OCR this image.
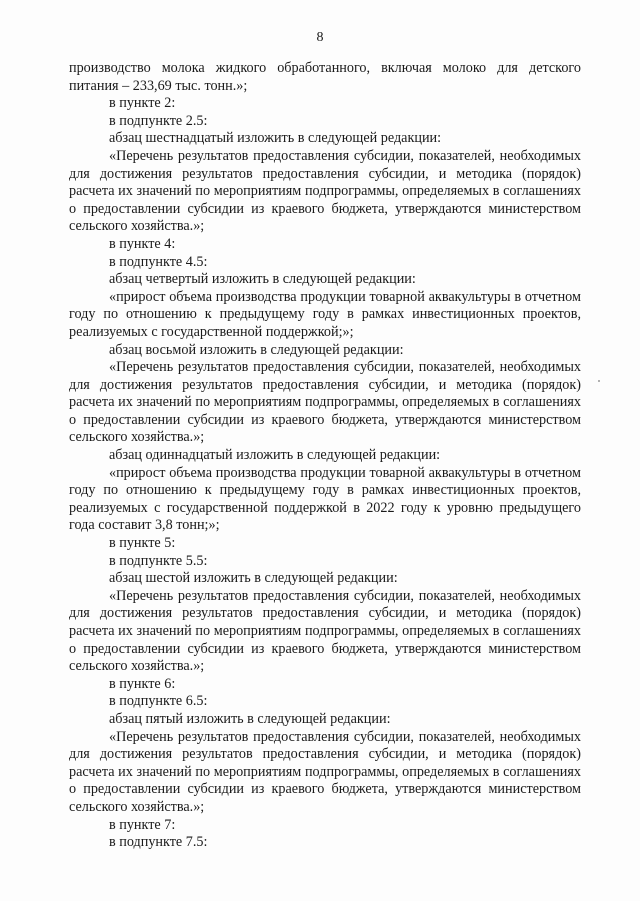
8

производство молока жидкого обработанного, включая молоко для детского питания – 233,69 тыс. тонн.»;

в пункте 2:

в подпункте 2.5:

абзац шестнадцатый изложить в следующей редакции:

«Перечень результатов предоставления субсидии, показателей, необходимых для достижения результатов предоставления субсидии, и методика (порядок) расчета их значений по мероприятиям подпрограммы, определяемых в соглашениях о предоставлении субсидии из краевого бюджета, утверждаются министерством сельского хозяйства.»;

в пункте 4:

в подпункте 4.5:

абзац четвертый изложить в следующей редакции:

«прирост объема производства продукции товарной аквакультуры в отчетном году по отношению к предыдущему году в рамках инвестиционных проектов, реализуемых с государственной поддержкой;»;

абзац восьмой изложить в следующей редакции:

«Перечень результатов предоставления субсидии, показателей, необходимых для достижения результатов предоставления субсидии, и методика (порядок) расчета их значений по мероприятиям подпрограммы, определяемых в соглашениях о предоставлении субсидии из краевого бюджета, утверждаются министерством сельского хозяйства.»;

абзац одиннадцатый изложить в следующей редакции:

«прирост объема производства продукции товарной аквакультуры в отчетном году по отношению к предыдущему году в рамках инвестиционных проектов, реализуемых с государственной поддержкой в 2022 году к уровню предыдущего года составит 3,8 тонн;»;

в пункте 5:

в подпункте 5.5:

абзац шестой изложить в следующей редакции:

«Перечень результатов предоставления субсидии, показателей, необходимых для достижения результатов предоставления субсидии, и методика (порядок) расчета их значений по мероприятиям подпрограммы, определяемых в соглашениях о предоставлении субсидии из краевого бюджета, утверждаются министерством сельского хозяйства.»;

в пункте 6:

в подпункте 6.5:

абзац пятый изложить в следующей редакции:

«Перечень результатов предоставления субсидии, показателей, необходимых для достижения результатов предоставления субсидии, и методика (порядок) расчета их значений по мероприятиям подпрограммы, определяемых в соглашениях о предоставлении субсидии из краевого бюджета, утверждаются министерством сельского хозяйства.»;

в пункте 7:

в подпункте 7.5:
